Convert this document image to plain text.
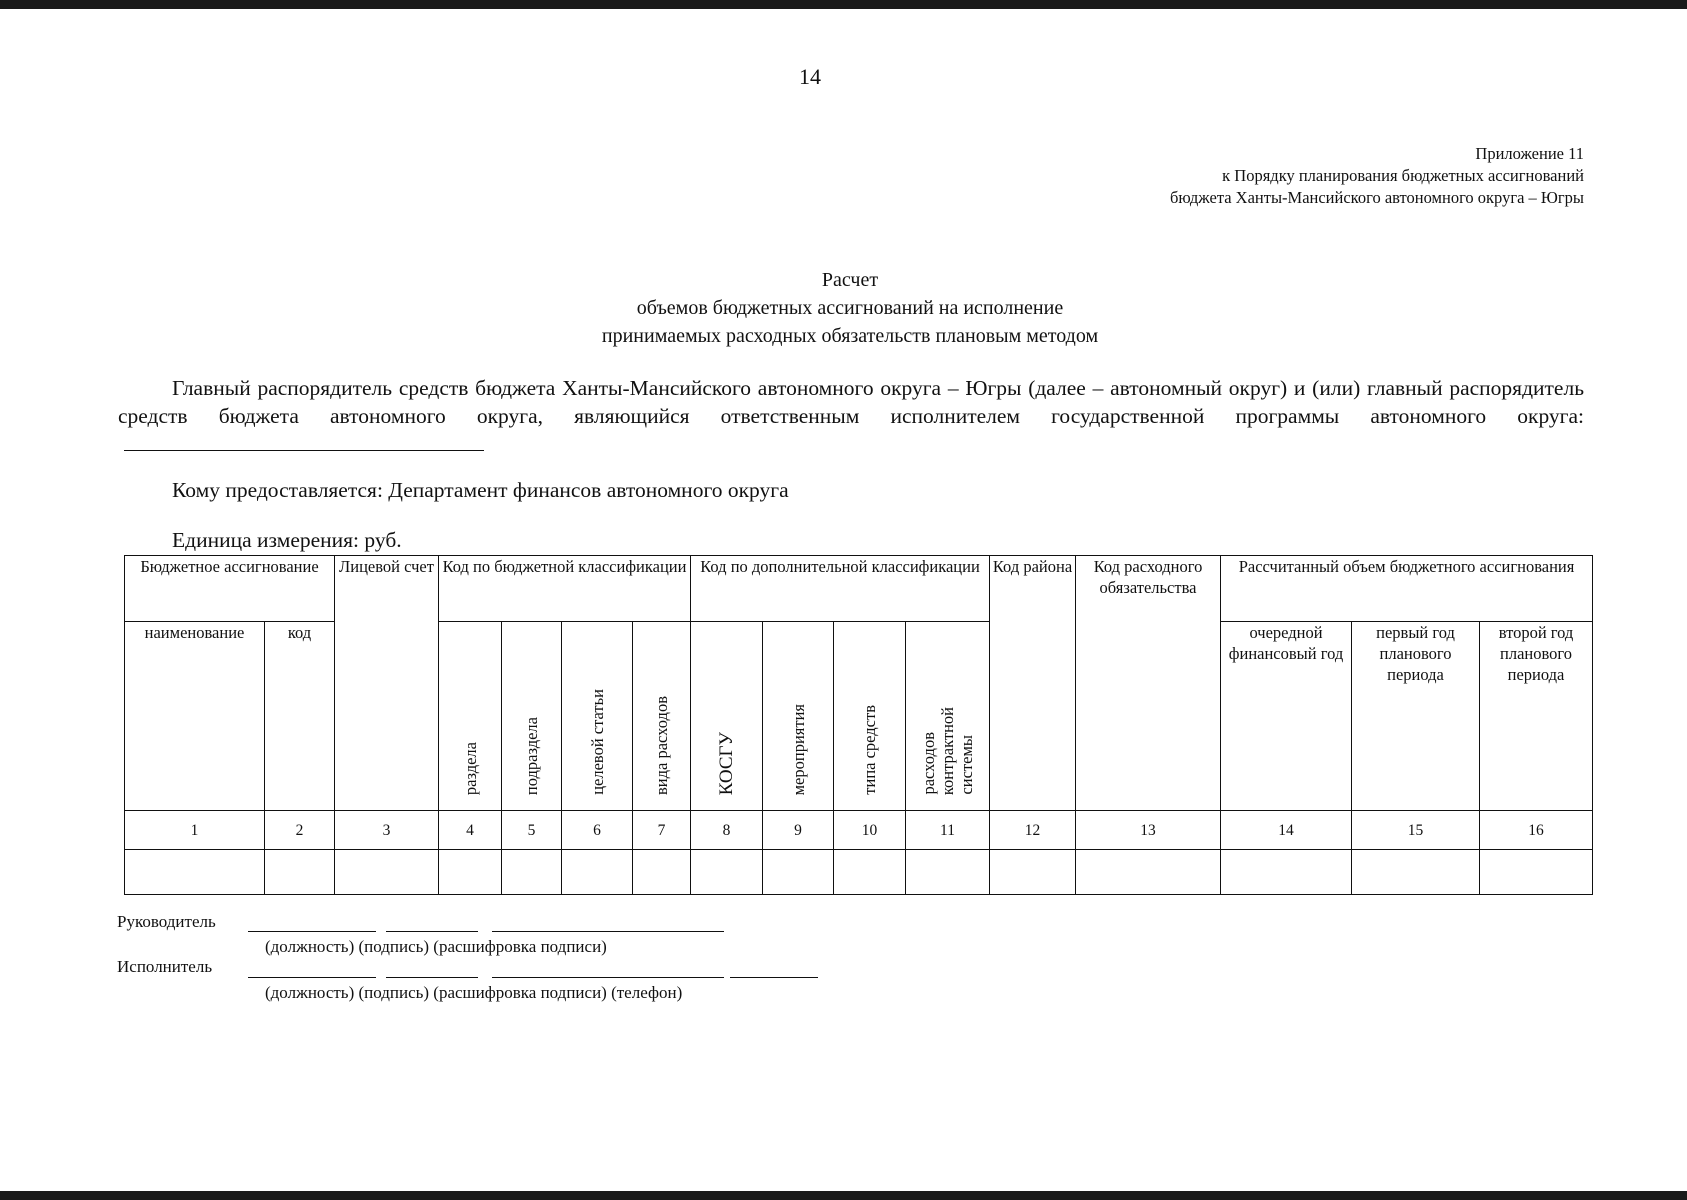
14
Приложение 11
к Порядку планирования бюджетных ассигнований
бюджета Ханты-Мансийского автономного округа – Югры
Расчет
объемов бюджетных ассигнований на исполнение
принимаемых расходных обязательств плановым методом
Главный распорядитель средств бюджета Ханты-Мансийского автономного округа – Югры (далее – автономный округ) и (или) главный распорядитель средств бюджета автономного округа, являющийся ответственным исполнителем государственной программы автономного округа:
Кому предоставляется: Департамент финансов автономного округа
Единица измерения: руб.
Бюджетное ассигнование		Лицевой счет	Код по бюджетной классификации				Код по дополнительной классификации				Код района	Код расходного обязательства	Рассчитанный объем бюджетного ассигнования		
наименование	код		раздела	подраздела	целевой статьи	вида расходов	КОСГУ	мероприятия	типа средств	расходовконтрактнойсистемы			очередной финансовый год	первый год планового периода	второй год планового периода
1	2	3	4	5	6	7	8	9	10	11	12	13	14	15	16

Руководитель
(должность) (подпись) (расшифровка подписи)
Исполнитель
(должность) (подпись) (расшифровка подписи) (телефон)
